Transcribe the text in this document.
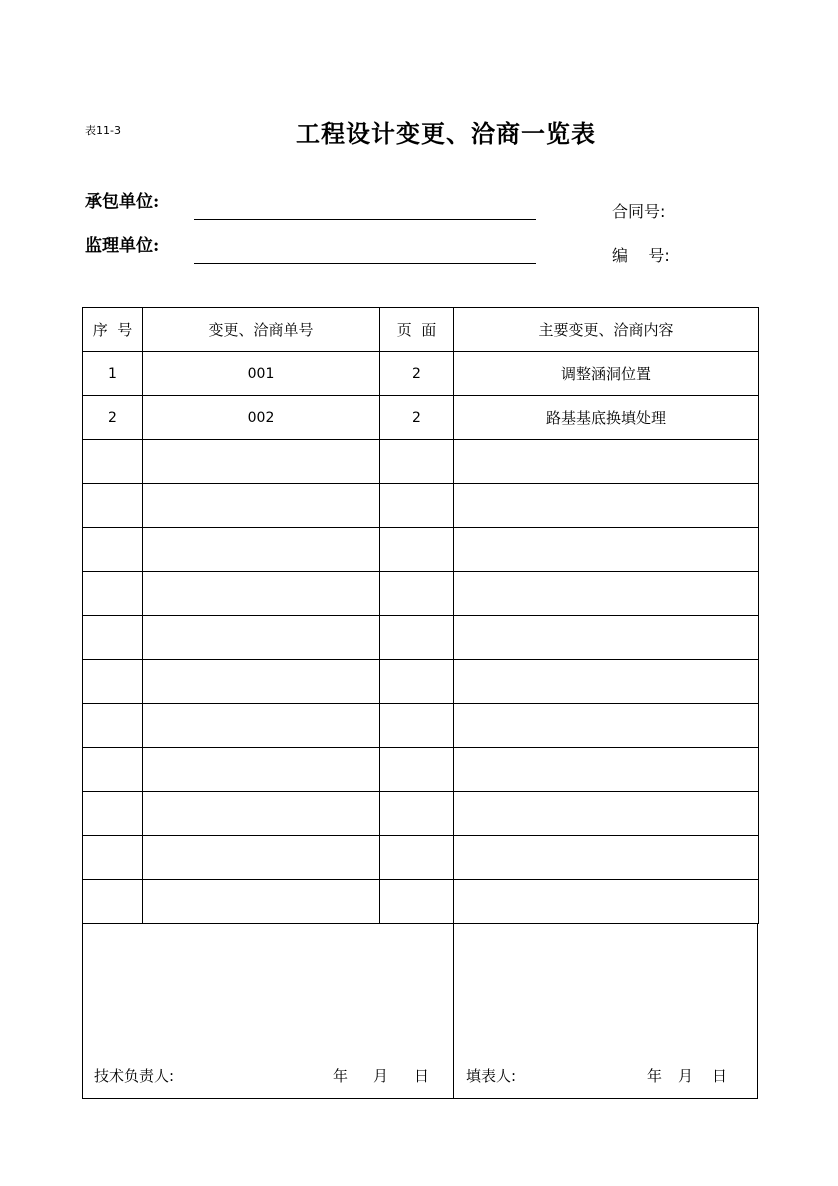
表11-3	工程设计变更、洽商一览表
承包单位:
监理单位:
合同号:
编    号:
序  号	变更、洽商单号	页  面	主要变更、洽商内容
1	001	2	调整涵洞位置
2	002	2	路基基底换填处理

技术负责人:	年 月 日 填表人:	年 月 日
